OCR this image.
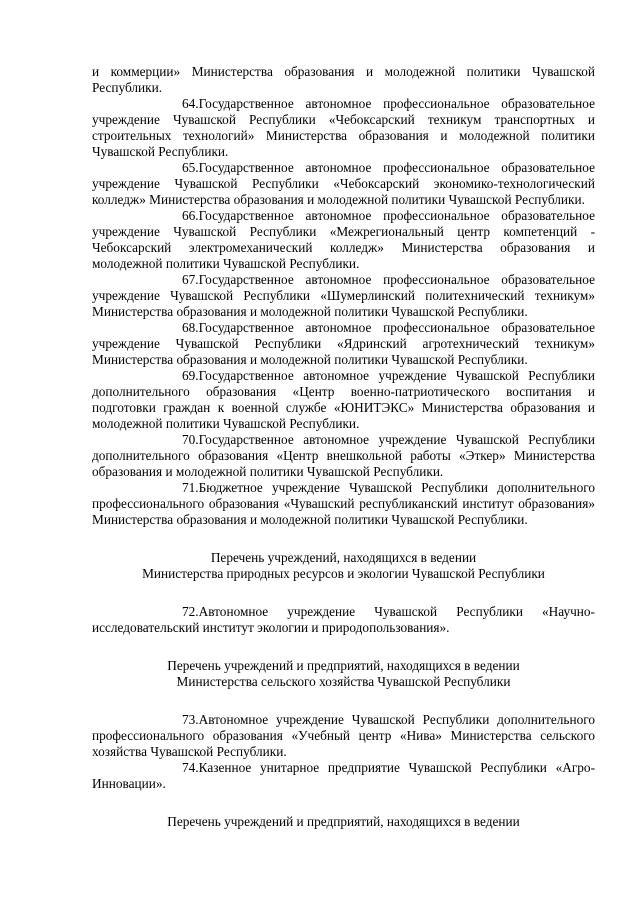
и коммерции» Министерства образования и молодежной политики Чувашской Республики.

64.Государственное автономное профессиональное образовательное учреждение Чувашской Республики «Чебоксарский техникум транспортных и строительных технологий» Министерства образования и молодежной политики Чувашской Республики.

65.Государственное автономное профессиональное образовательное учреждение Чувашской Республики «Чебоксарский экономико-технологический колледж» Министерства образования и молодежной политики Чувашской Республики.

66.Государственное автономное профессиональное образовательное учреждение Чувашской Республики «Межрегиональный центр компетенций - Чебоксарский электромеханический колледж» Министерства образования и молодежной политики Чувашской Республики.

67.Государственное автономное профессиональное образовательное учреждение Чувашской Республики «Шумерлинский политехнический техникум» Министерства образования и молодежной политики Чувашской Республики.

68.Государственное автономное профессиональное образовательное учреждение Чувашской Республики «Ядринский агротехнический техникум» Министерства образования и молодежной политики Чувашской Республики.

69.Государственное автономное учреждение Чувашской Республики дополнительного образования «Центр военно-патриотического воспитания и подготовки граждан к военной службе «ЮНИТЭКС» Министерства образования и молодежной политики Чувашской Республики.

70.Государственное автономное учреждение Чувашской Республики дополнительного образования «Центр внешкольной работы «Эткер» Министерства образования и молодежной политики Чувашской Республики.

71.Бюджетное учреждение Чувашской Республики дополнительного профессионального образования «Чувашский республиканский институт образования» Министерства образования и молодежной политики Чувашской Республики.

Перечень учреждений, находящихся в ведении

Министерства природных ресурсов и экологии Чувашской Республики

72.Автономное учреждение Чувашской Республики «Научно-исследовательский институт экологии и природопользования».

Перечень учреждений и предприятий, находящихся в ведении

Министерства сельского хозяйства Чувашской Республики

73.Автономное учреждение Чувашской Республики дополнительного профессионального образования «Учебный центр «Нива» Министерства сельского хозяйства Чувашской Республики.

74.Казенное унитарное предприятие Чувашской Республики «Агро-Инновации».

Перечень учреждений и предприятий, находящихся в ведении
